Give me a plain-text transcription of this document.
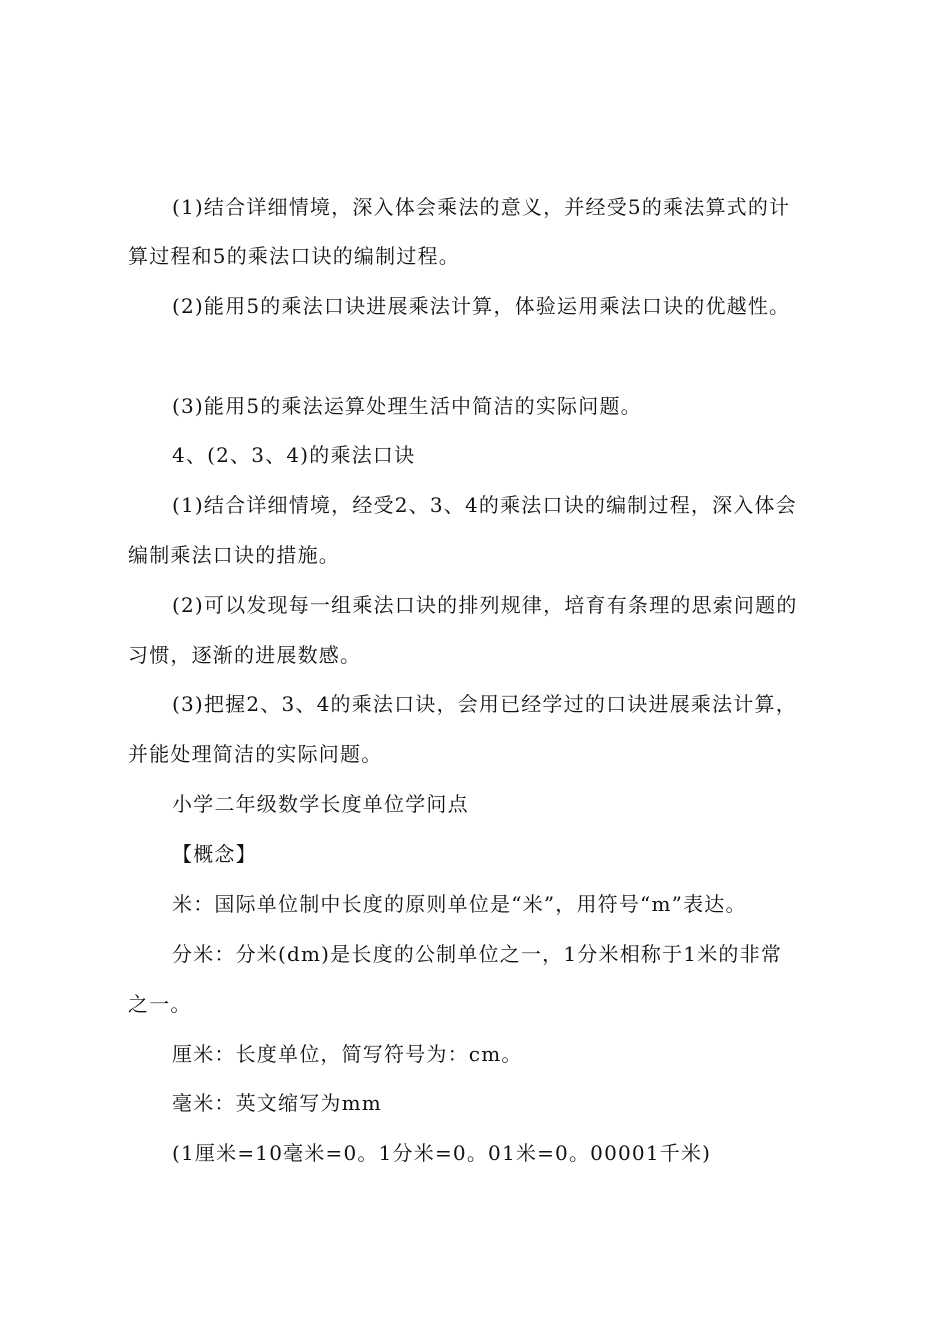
(1)结合详细情境，深入体会乘法的意义，并经受5的乘法算式的计
算过程和5的乘法口诀的编制过程。
(2)能用5的乘法口诀进展乘法计算，体验运用乘法口诀的优越性。
(3)能用5的乘法运算处理生活中简洁的实际问题。
4、(2、3、4)的乘法口诀
(1)结合详细情境，经受2、3、4的乘法口诀的编制过程，深入体会
编制乘法口诀的措施。
(2)可以发现每一组乘法口诀的排列规律，培育有条理的思索问题的
习惯，逐渐的进展数感。
(3)把握2、3、4的乘法口诀，会用已经学过的口诀进展乘法计算，
并能处理简洁的实际问题。
小学二年级数学长度单位学问点
【概念】
米：国际单位制中长度的原则单位是“米”，用符号“m”表达。
分米：分米(dm)是长度的公制单位之一，1分米相称于1米的非常
之一。
厘米：长度单位，简写符号为：cm。
毫米：英文缩写为mm
(1厘米=10毫米=0。1分米=0。01米=0。00001千米)
